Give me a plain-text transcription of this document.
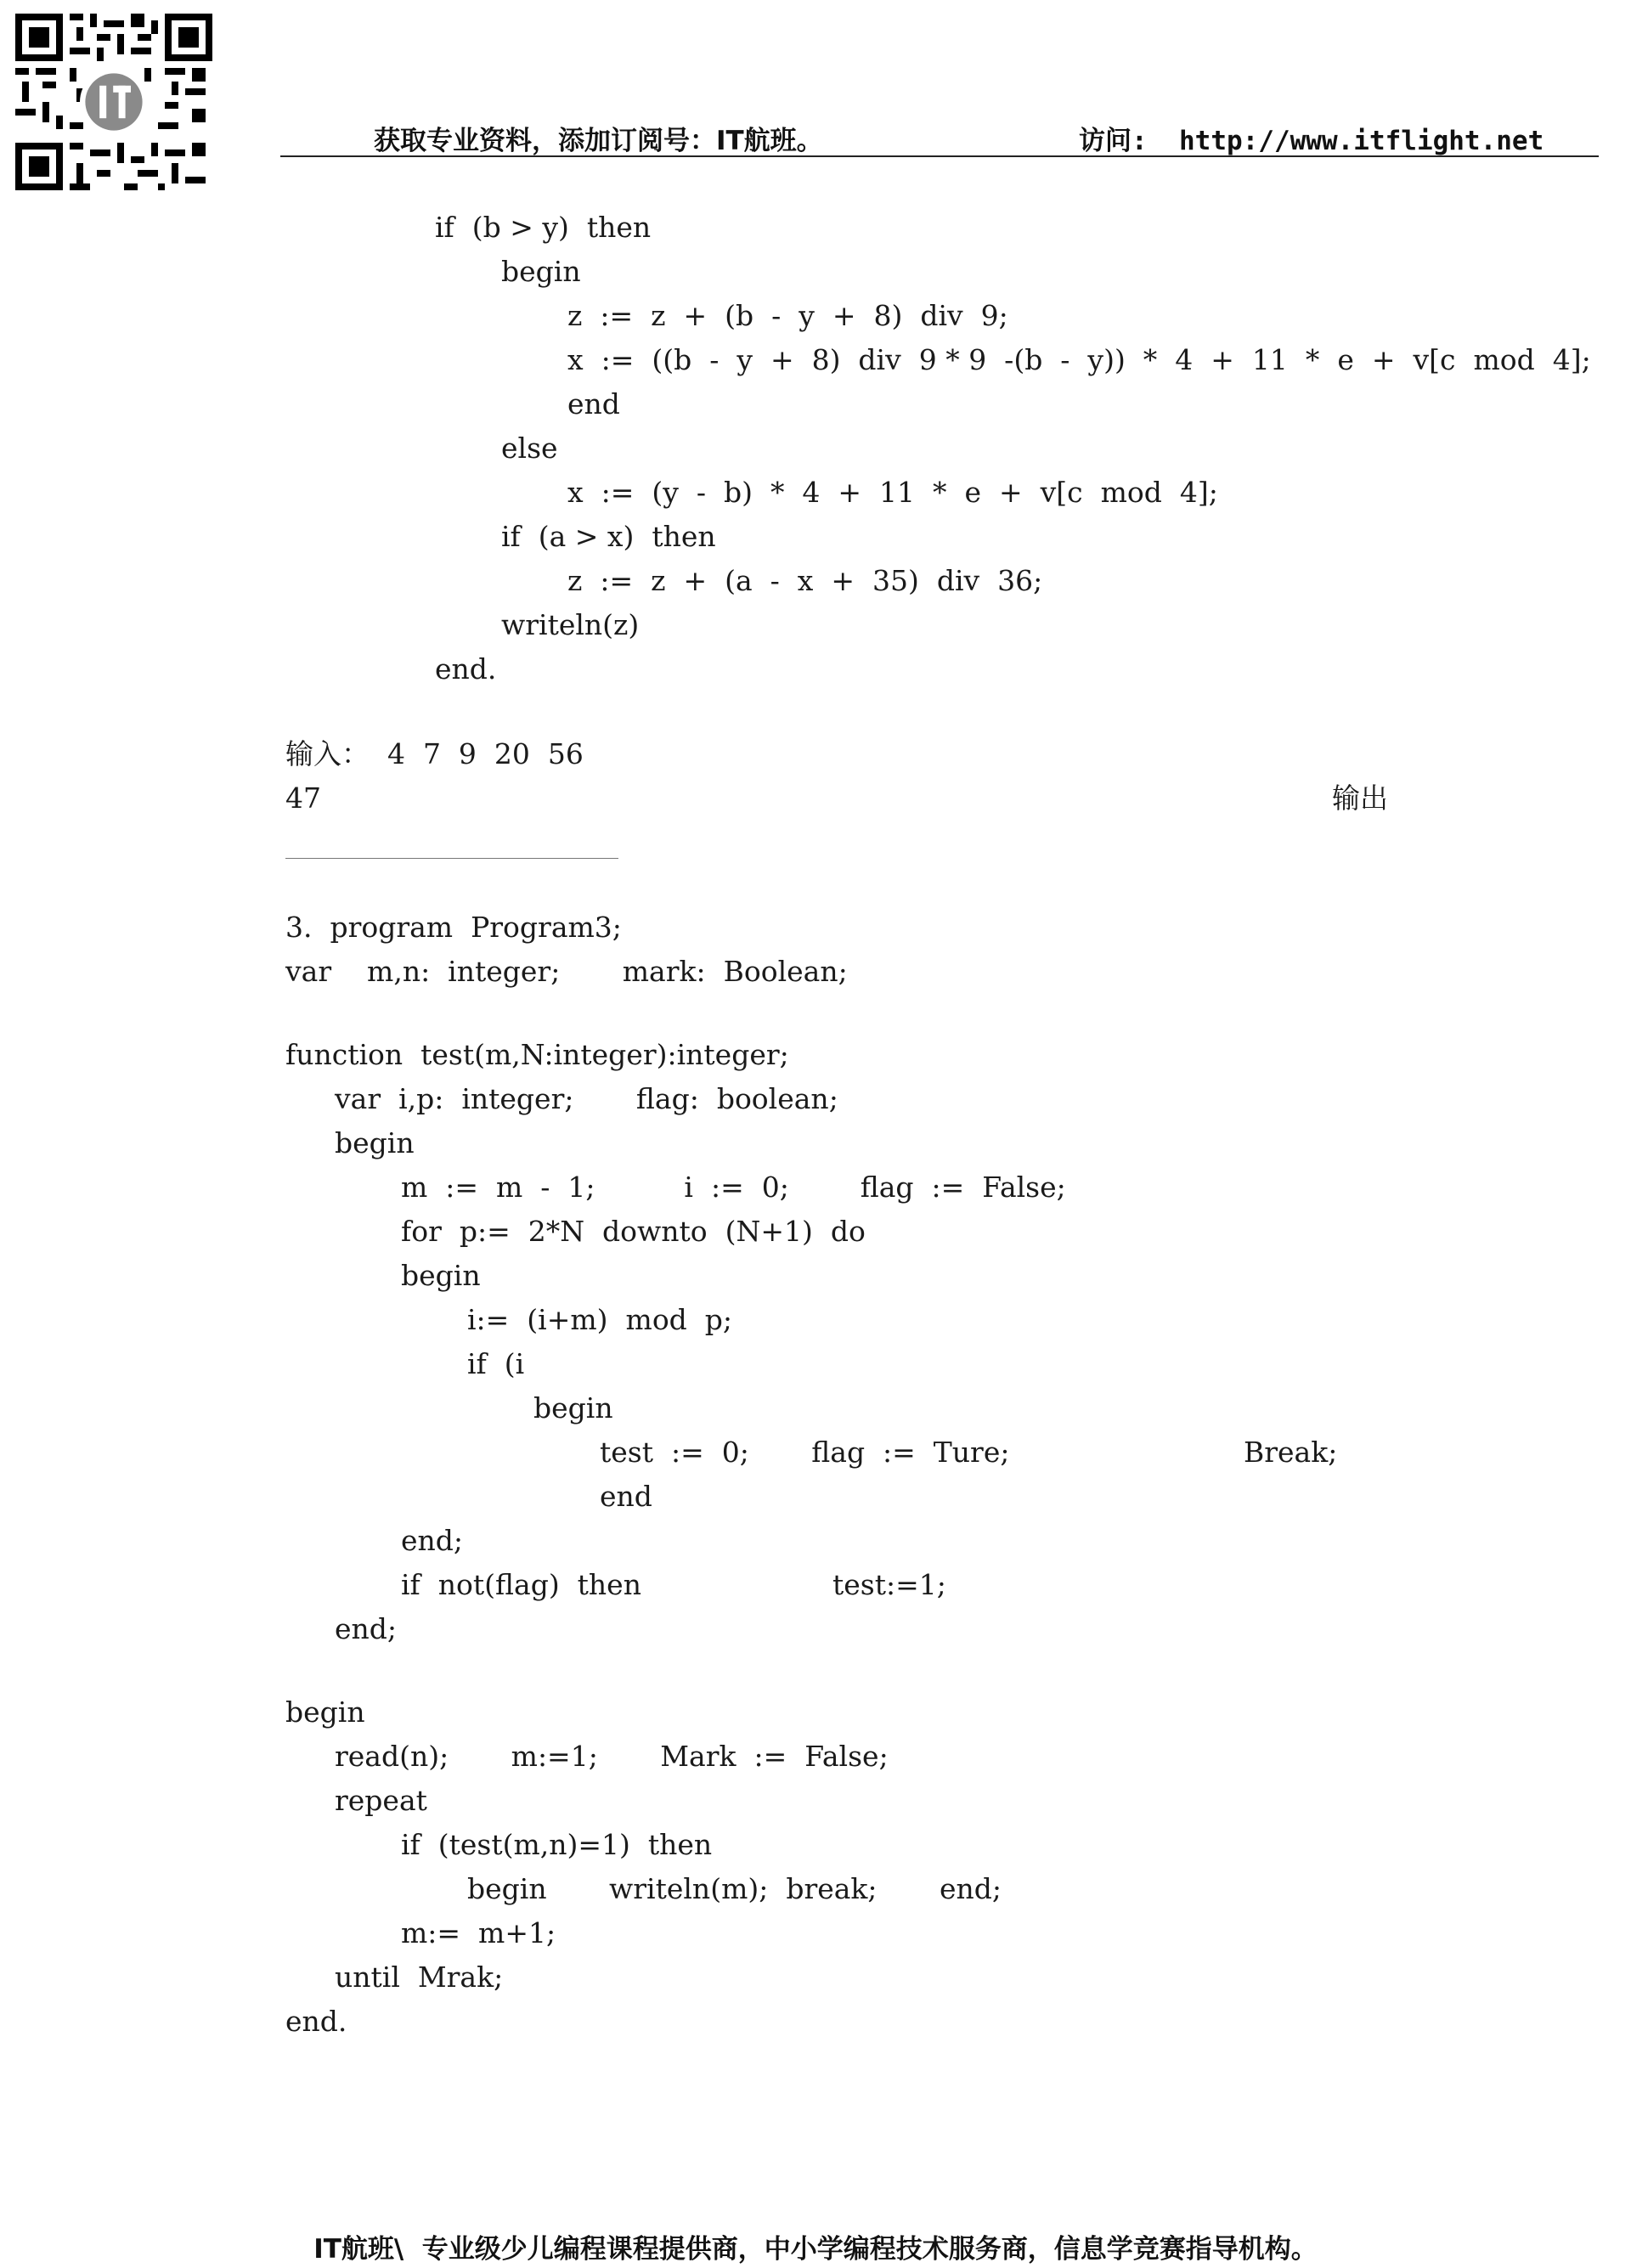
获取专业资料，添加订阅号：IT航班。	访问:  http://www.itflight.net
if  (b > y)  then
begin
z  :=  z  +  (b  -  y  +  8)  div  9;
x  :=  ((b  -  y  +  8)  div  9 * 9  -(b  -  y))  *  4  +  11  *  e  +  v[c  mod  4];
end
else
x  :=  (y  -  b)  *  4  +  11  *  e  +  v[c  mod  4];
if  (a > x)  then
z  :=  z  +  (a  -  x  +  35)  div  36;
writeln(z)
end.
输入：  4  7  9  20  56
47	输出
3.  program  Program3;
var    m,n:  integer;       mark:  Boolean;
function  test(m,N:integer):integer;
var  i,p:  integer;       flag:  boolean;
begin
m  :=  m  -  1;          i  :=  0;        flag  :=  False;
for  p:=  2*N  downto  (N+1)  do
begin
i:=  (i+m)  mod  p;
if  (i
begin
test  :=  0;       flag  :=  Ture;	Break;
end
end;
if  not(flag)  then	test:=1;
end;
begin
read(n);       m:=1;       Mark  :=  False;
repeat
if  (test(m,n)=1)  then
begin       writeln(m);  break;       end;
m:=  m+1;
until  Mrak;
end.
IT航班\  专业级少儿编程课程提供商，中小学编程技术服务商，信息学竞赛指导机构。
